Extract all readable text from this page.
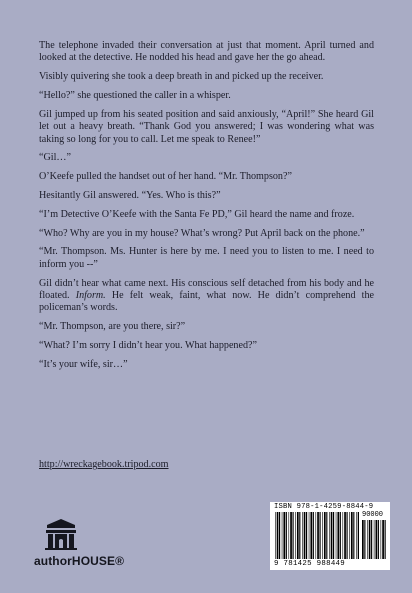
The telephone invaded their conversation at just that moment. April turned and looked at the detective. He nodded his head and gave her the go ahead.

Visibly quivering she took a deep breath in and picked up the receiver.

“Hello?” she questioned the caller in a whisper.

Gil jumped up from his seated position and said anxiously, “April!” She heard Gil let out a heavy breath. “Thank God you answered; I was wondering what was taking so long for you to call. Let me speak to Renee!”

“Gil…”

O’Keefe pulled the handset out of her hand. “Mr. Thompson?”

Hesitantly Gil answered. “Yes. Who is this?”

“I’m Detective O’Keefe with the Santa Fe PD,” Gil heard the name and froze.

“Who? Why are you in my house? What’s wrong? Put April back on the phone.”

“Mr. Thompson. Ms. Hunter is here by me. I need you to listen to me. I need to inform you --”

Gil didn’t hear what came next. His conscious self detached from his body and he floated. Inform. He felt weak, faint, what now. He didn’t comprehend the policeman’s words.

“Mr. Thompson, are you there, sir?”

“What? I’m sorry I didn’t hear you. What happened?”

“It’s your wife, sir…”

http://wreckagebook.tripod.com
authorHOUSE®
ISBN 978-1-4259-8844-9
90000
9 781425 988449
